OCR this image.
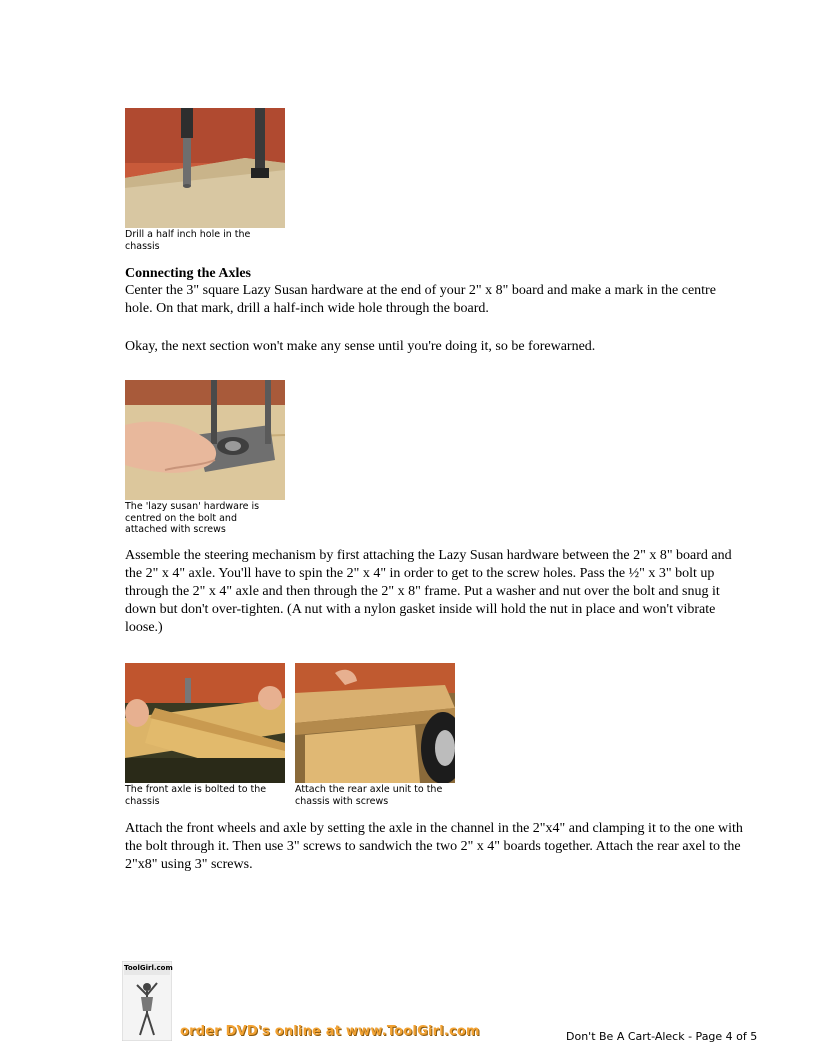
Drill a half inch hole in the chassis
Connecting the Axles

Center the 3" square Lazy Susan hardware at the end of your 2" x 8" board and make a mark in the centre hole. On that mark, drill a half-inch wide hole through the board.

Okay, the next section won't make any sense until you're doing it, so be forewarned.

The 'lazy susan' hardware is centred on the bolt and attached with screws

Assemble the steering mechanism by first attaching the Lazy Susan hardware between the 2" x 8" board and the 2" x 4" axle. You'll have to spin the 2" x 4" in order to get to the screw holes. Pass the ½" x 3" bolt up through the 2" x 4" axle and then through the 2" x 8" frame. Put a washer and nut over the bolt and snug it down but don't over-tighten. (A nut with a nylon gasket inside will hold the nut in place and won't vibrate loose.)

The front axle is bolted to the chassis
Attach the rear axle unit to the chassis with screws

Attach the front wheels and axle by setting the axle in the channel in the 2"x4" and clamping it to the one with the bolt through it. Then use 3" screws to sandwich the two 2" x 4" boards together. Attach the rear axel to the 2"x8" using 3" screws.

ToolGirl.com
order DVD's online at www.ToolGirl.com	Don't Be A Cart-Aleck - Page 4 of 5
